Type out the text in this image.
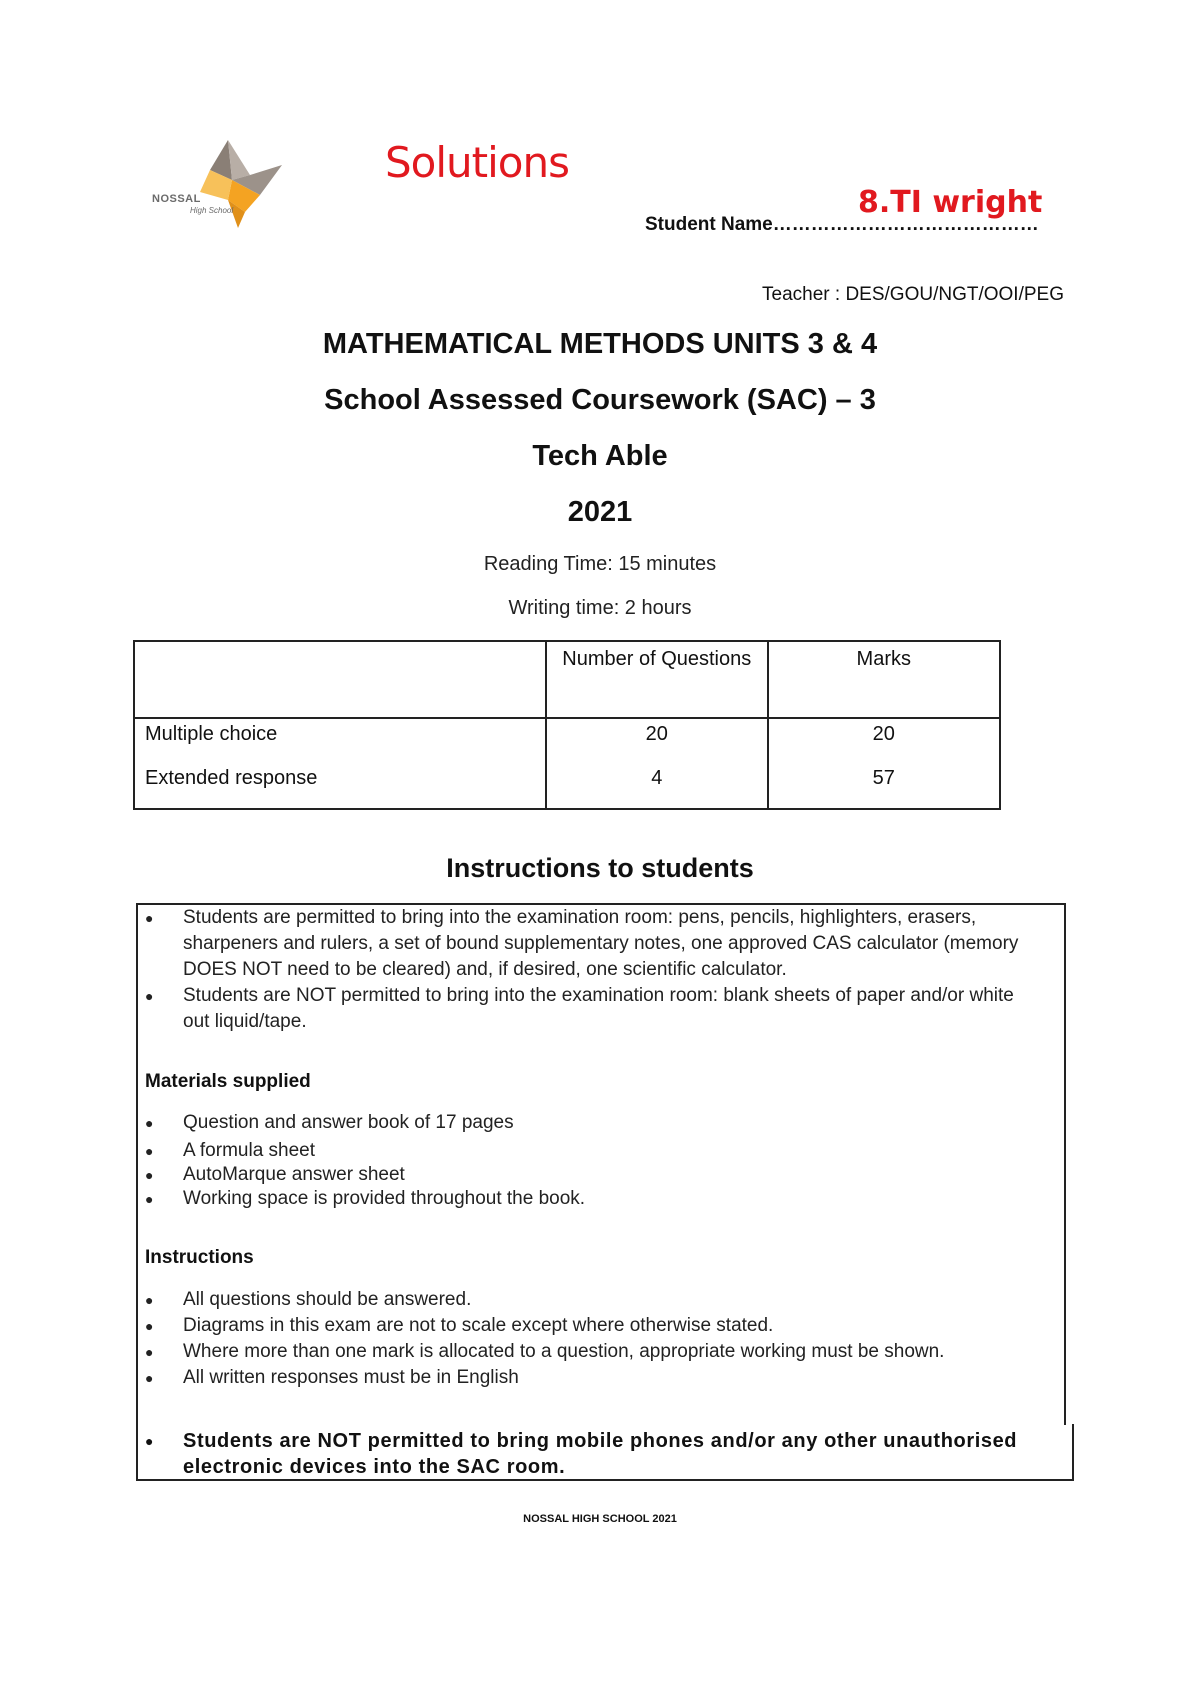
NOSSAL
High School
Solutions
Student Name……………………………………
8.TI wright
Teacher : DES/GOU/NGT/OOI/PEG
MATHEMATICAL METHODS UNITS 3 & 4
School Assessed Coursework (SAC) – 3
Tech Able
2021
Reading Time: 15 minutes
Writing time: 2 hours
	Number of Questions	Marks
Multiple choice	20	20
Extended response	4	57
Instructions to students
● Students are permitted to bring into the examination room: pens, pencils, highlighters, erasers, sharpeners and rulers, a set of bound supplementary notes, one approved CAS calculator (memory DOES NOT need to be cleared) and, if desired, one scientific calculator.
● Students are NOT permitted to bring into the examination room: blank sheets of paper and/or white out liquid/tape.
Materials supplied
● Question and answer book of 17 pages
● A formula sheet
● AutoMarque answer sheet
● Working space is provided throughout the book.
Instructions
● All questions should be answered.
● Diagrams in this exam are not to scale except where otherwise stated.
● Where more than one mark is allocated to a question, appropriate working must be shown.
● All written responses must be in English
●	Students are NOT permitted to bring mobile phones and/or any other unauthorised electronic devices into the SAC room.
NOSSAL HIGH SCHOOL 2021
